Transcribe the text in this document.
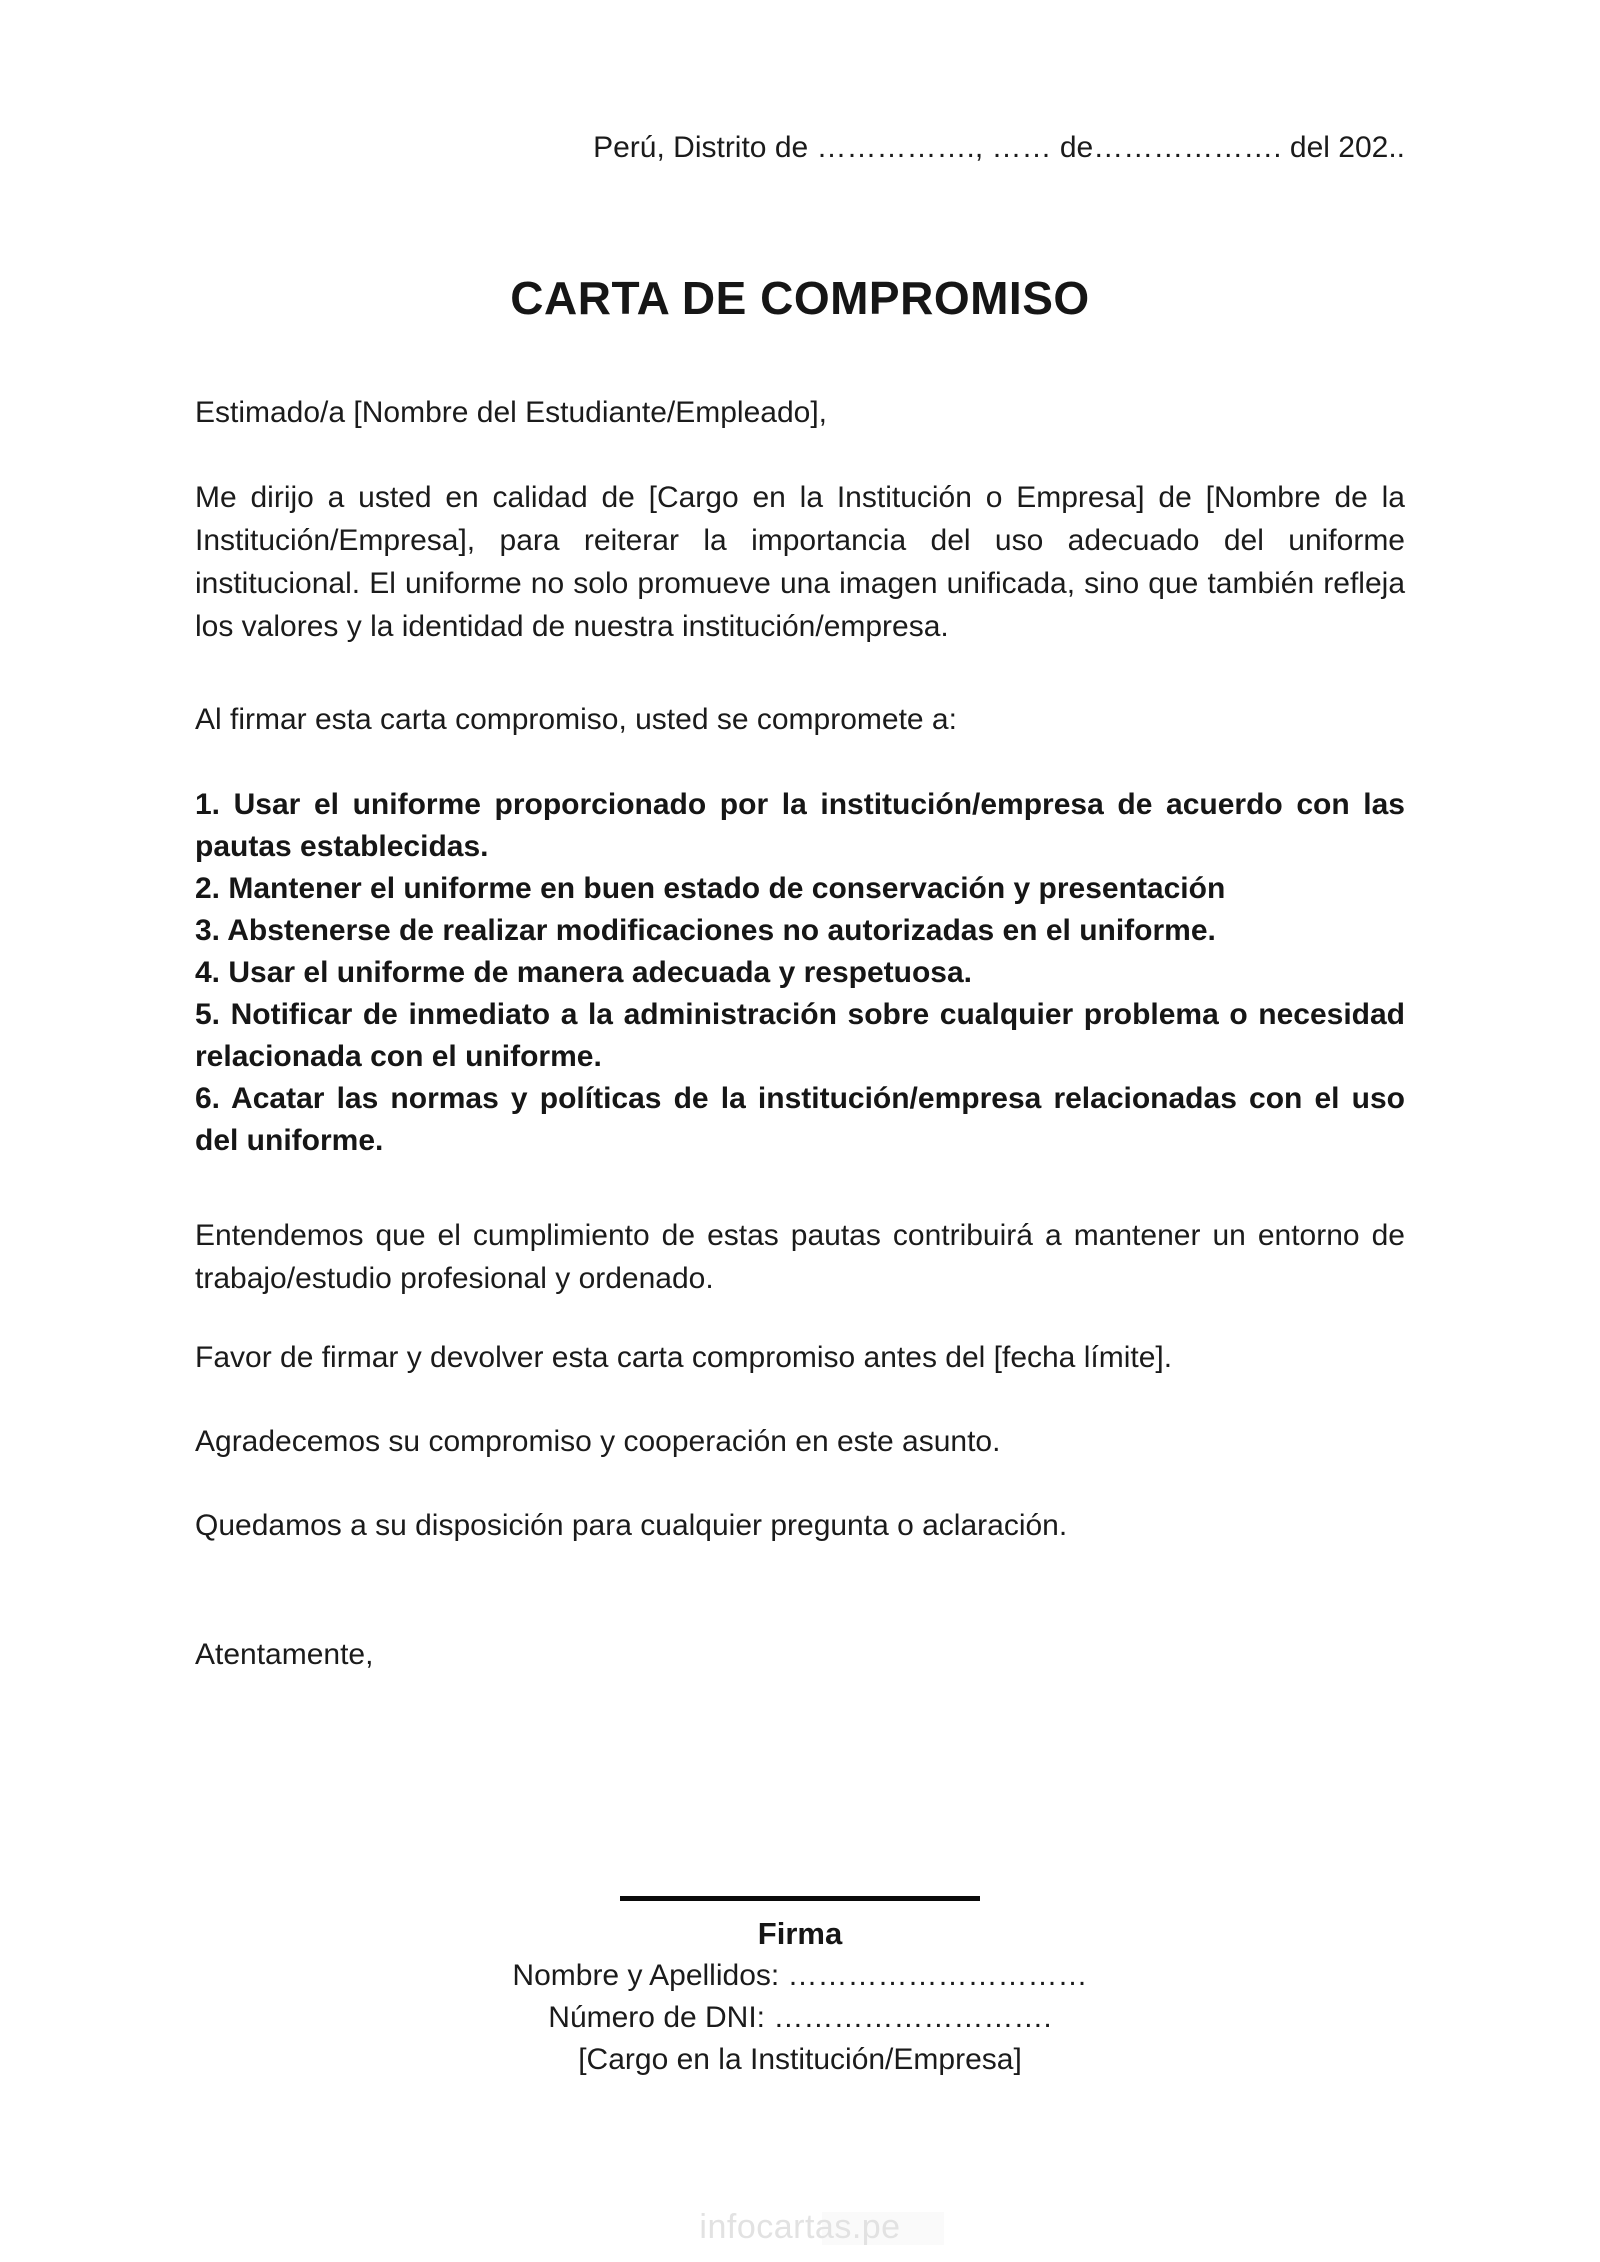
Perú, Distrito de ……………., …… de………………. del 202..

CARTA DE COMPROMISO

Estimado/a [Nombre del Estudiante/Empleado],

Me dirijo a usted en calidad de [Cargo en la Institución o Empresa] de [Nombre de la Institución/Empresa], para reiterar la importancia del uso adecuado del uniforme institucional. El uniforme no solo promueve una imagen unificada, sino que también refleja los valores y la identidad de nuestra institución/empresa.

Al firmar esta carta compromiso, usted se compromete a:

1. Usar el uniforme proporcionado por la institución/empresa de acuerdo con las pautas establecidas.

2. Mantener el uniforme en buen estado de conservación y presentación

3. Abstenerse de realizar modificaciones no autorizadas en el uniforme.

4. Usar el uniforme de manera adecuada y respetuosa.

5. Notificar de inmediato a la administración sobre cualquier problema o necesidad relacionada con el uniforme.

6. Acatar las normas y políticas de la institución/empresa relacionadas con el uso del uniforme.

Entendemos que el cumplimiento de estas pautas contribuirá a mantener un entorno de trabajo/estudio profesional y ordenado.

Favor de firmar y devolver esta carta compromiso antes del [fecha límite].

Agradecemos su compromiso y cooperación en este asunto.

Quedamos a su disposición para cualquier pregunta o aclaración.

Atentamente,

Firma

Nombre y Apellidos: …………………………

Número de DNI: ……………………….

[Cargo en la Institución/Empresa]

infocartas.pe
